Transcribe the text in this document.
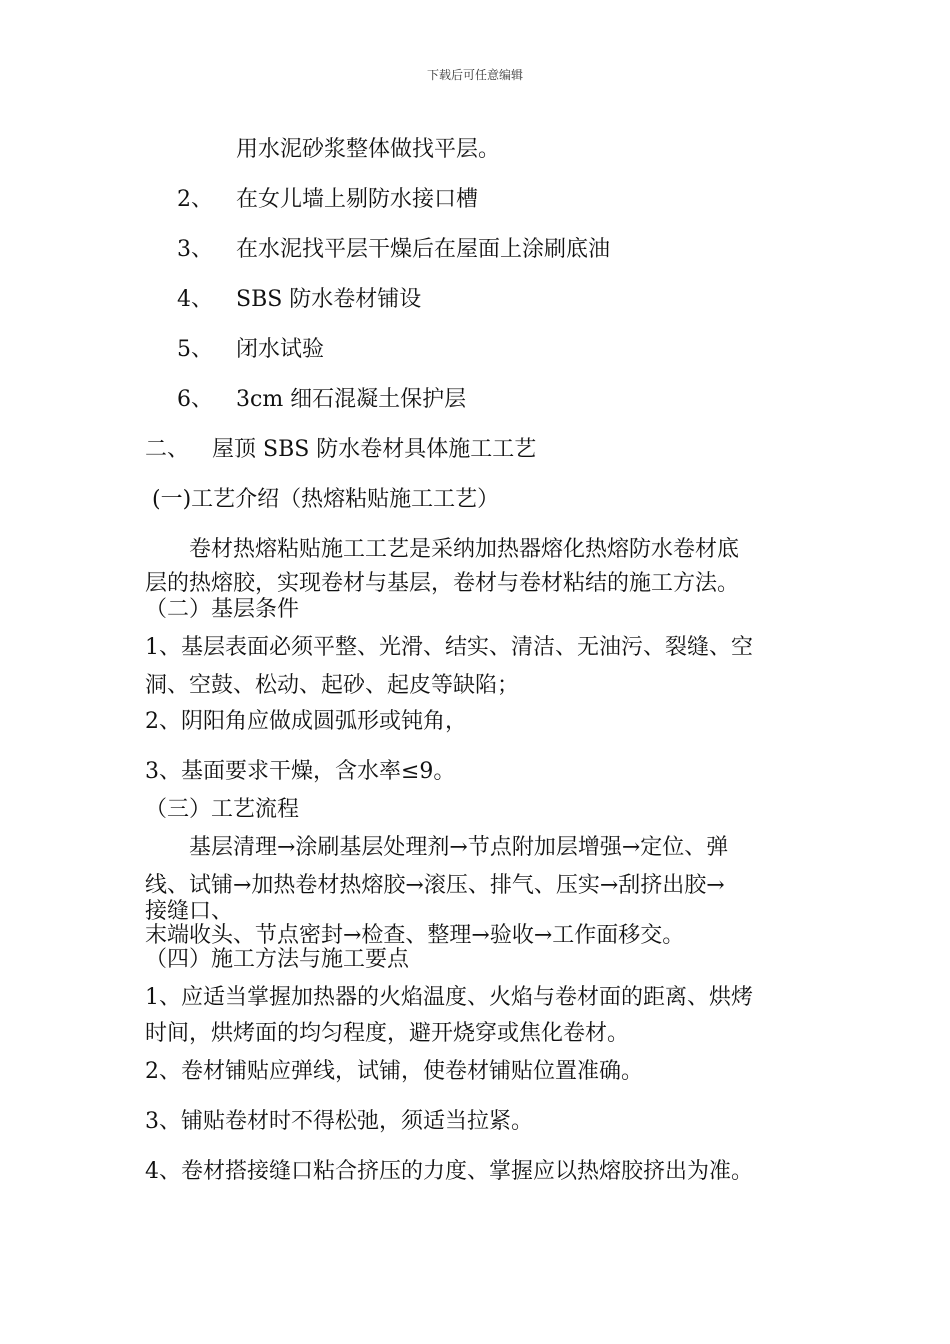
下载后可任意编辑
用水泥砂浆整体做找平层。
2、 在女儿墙上剔防水接口槽
3、 在水泥找平层干燥后在屋面上涂刷底油
4、 SBS 防水卷材铺设
5、 闭水试验
6、 3cm 细石混凝土保护层
二、 屋顶 SBS 防水卷材具体施工工艺
(一)工艺介绍（热熔粘贴施工工艺）
卷材热熔粘贴施工工艺是采纳加热器熔化热熔防水卷材底
层的热熔胶，实现卷材与基层，卷材与卷材粘结的施工方法。
（二）基层条件
1、基层表面必须平整、光滑、结实、清洁、无油污、裂缝、空
洞、空鼓、松动、起砂、起皮等缺陷；
2、阴阳角应做成圆弧形或钝角，
3、基面要求干燥，含水率≤9。
（三）工艺流程
基层清理→涂刷基层处理剂→节点附加层增强→定位、弹
线、试铺→加热卷材热熔胶→滚压、排气、压实→刮挤出胶→
接缝口、
末端收头、节点密封→检查、整理→验收→工作面移交。
（四）施工方法与施工要点
1、应适当掌握加热器的火焰温度、火焰与卷材面的距离、烘烤
时间，烘烤面的均匀程度，避开烧穿或焦化卷材。
2、卷材铺贴应弹线，试铺，使卷材铺贴位置准确。
3、铺贴卷材时不得松弛，须适当拉紧。
4、卷材搭接缝口粘合挤压的力度、掌握应以热熔胶挤出为准。
